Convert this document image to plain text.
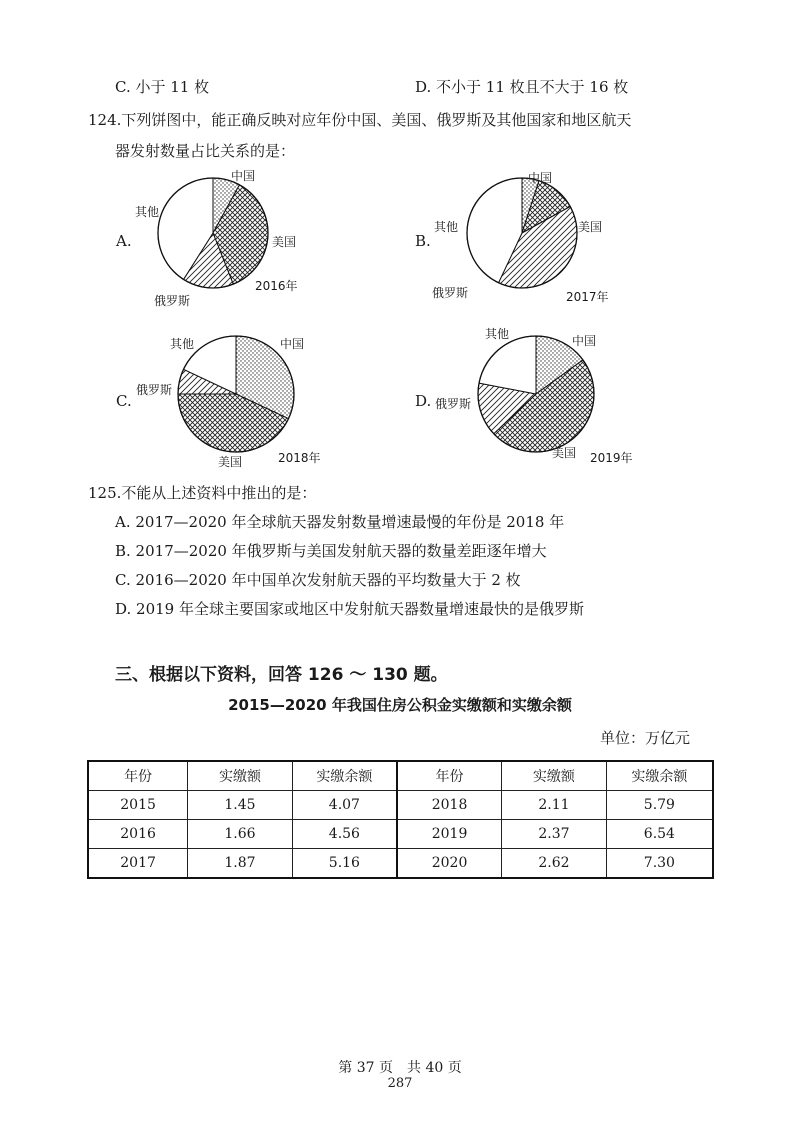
C. 小于 11 枚	D. 不小于 11 枚且不大于 16 枚
124.下列饼图中，能正确反映对应年份中国、美国、俄罗斯及其他国家和地区航天
器发射数量占比关系的是：
A.
中国
美国
俄罗斯
其他
2016年
B.
中国
美国
俄罗斯
其他
2017年
C.
中国
美国
俄罗斯
其他
2018年
D.
中国
美国
俄罗斯
其他
2019年
125.不能从上述资料中推出的是：
A. 2017—2020 年全球航天器发射数量增速最慢的年份是 2018 年
B. 2017—2020 年俄罗斯与美国发射航天器的数量差距逐年增大
C. 2016—2020 年中国单次发射航天器的平均数量大于 2 枚
D. 2019 年全球主要国家或地区中发射航天器数量增速最快的是俄罗斯
三、根据以下资料，回答 126 ～ 130 题。
2015—2020 年我国住房公积金实缴额和实缴余额
单位：万亿元
年份	实缴额	实缴余额	年份	实缴额	实缴余额
2015	1.45	4.07	2018	2.11	5.79
2016	1.66	4.56	2019	2.37	6.54
2017	1.87	5.16	2020	2.62	7.30
第 37 页　共 40 页
287
